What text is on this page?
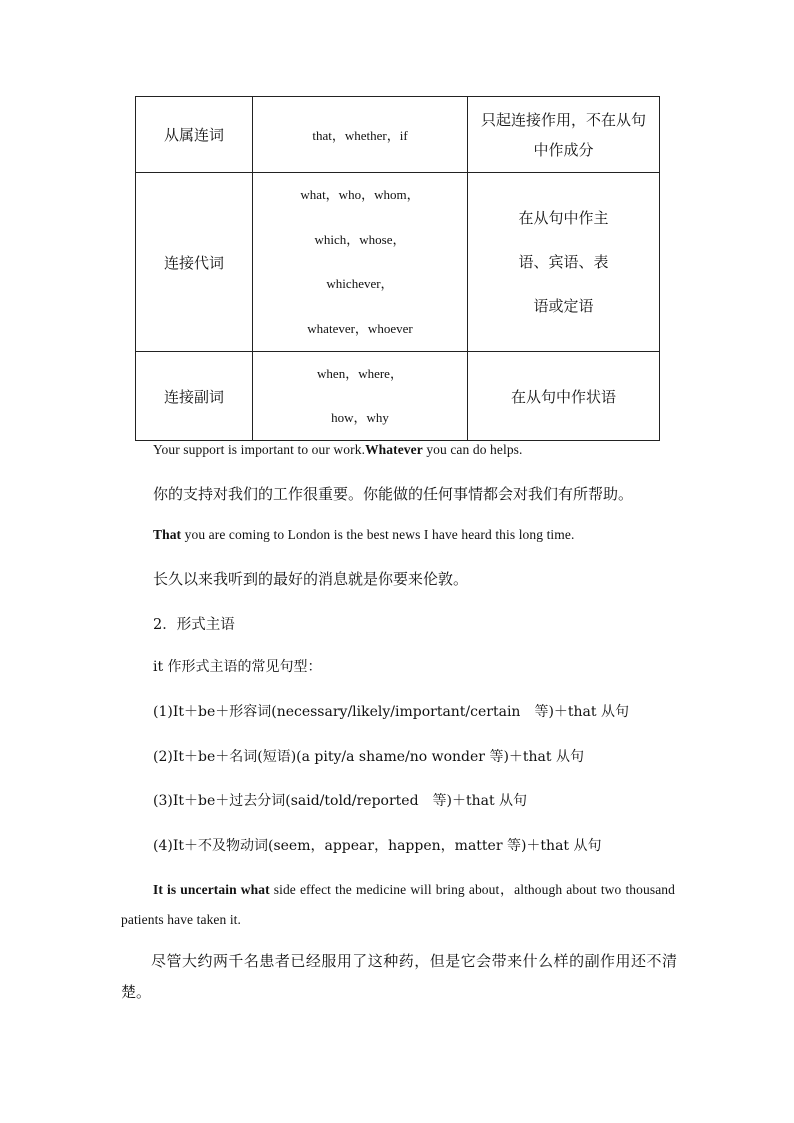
从属连词	that，whether，if	只起连接作用，不在从句
中作成分

连接代词	what，who，whom，
which，whose，
whichever，
whatever，whoever	在从句中作主
语、宾语、表
语或定语

连接副词	when，where，
how，why	在从句中作状语
Your support is important to our work.Whatever you can do helps.
你的支持对我们的工作很重要。你能做的任何事情都会对我们有所帮助。
That you are coming to London is the best news I have heard this long time.
长久以来我听到的最好的消息就是你要来伦敦。
2．形式主语
it 作形式主语的常见句型：
(1)It＋be＋形容词(necessary/likely/important/certain　等)＋that 从句
(2)It＋be＋名词(短语)(a pity/a shame/no wonder 等)＋that 从句
(3)It＋be＋过去分词(said/told/reported　等)＋that 从句
(4)It＋不及物动词(seem，appear，happen，matter 等)＋that 从句
It is uncertain what side effect the medicine will bring about，although about two thousand patients have taken it.
尽管大约两千名患者已经服用了这种药，但是它会带来什么样的副作用还不清楚。
